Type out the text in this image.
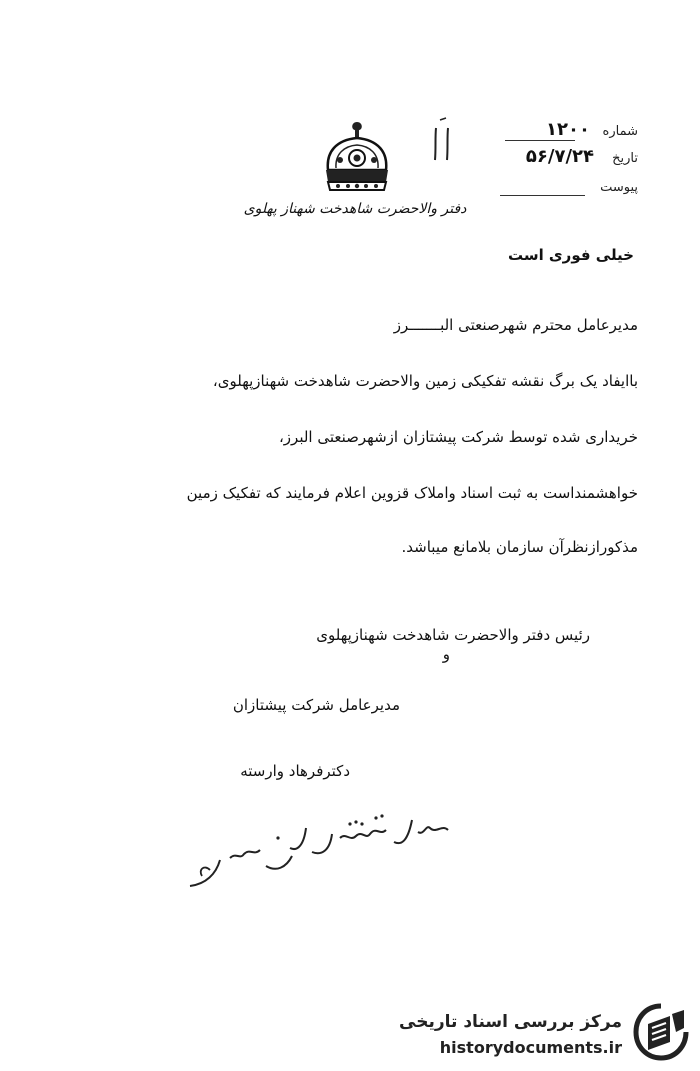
شماره
۱۲۰۰
تاریخ
۵۶/۷/۲۴
پیوست
دفتر والاحضرت شاهدخت شهناز پهلوی
خیلی فوری است
مدیرعامل محترم شهرصنعتی البـــــــرز
باایفاد یک برگ نقشه تفکیکی زمین والاحضرت شاهدخت شهنازپهلوی،
خریداری شده توسط شرکت پیشتازان ازشهرصنعتی البرز،
خواهشمنداست به ثبت اسناد واملاک قزوین اعلام فرمایند که تفکیک زمین
مذکورازنظرآن سازمان بلامانع میباشد.
رئیس دفتر والاحضرت شاهدخت شهنازپهلوی
و
مدیرعامل شرکت پیشتازان
دکترفرهاد وارسته
مرکز بررسی اسناد تاریخی
historydocuments.ir
